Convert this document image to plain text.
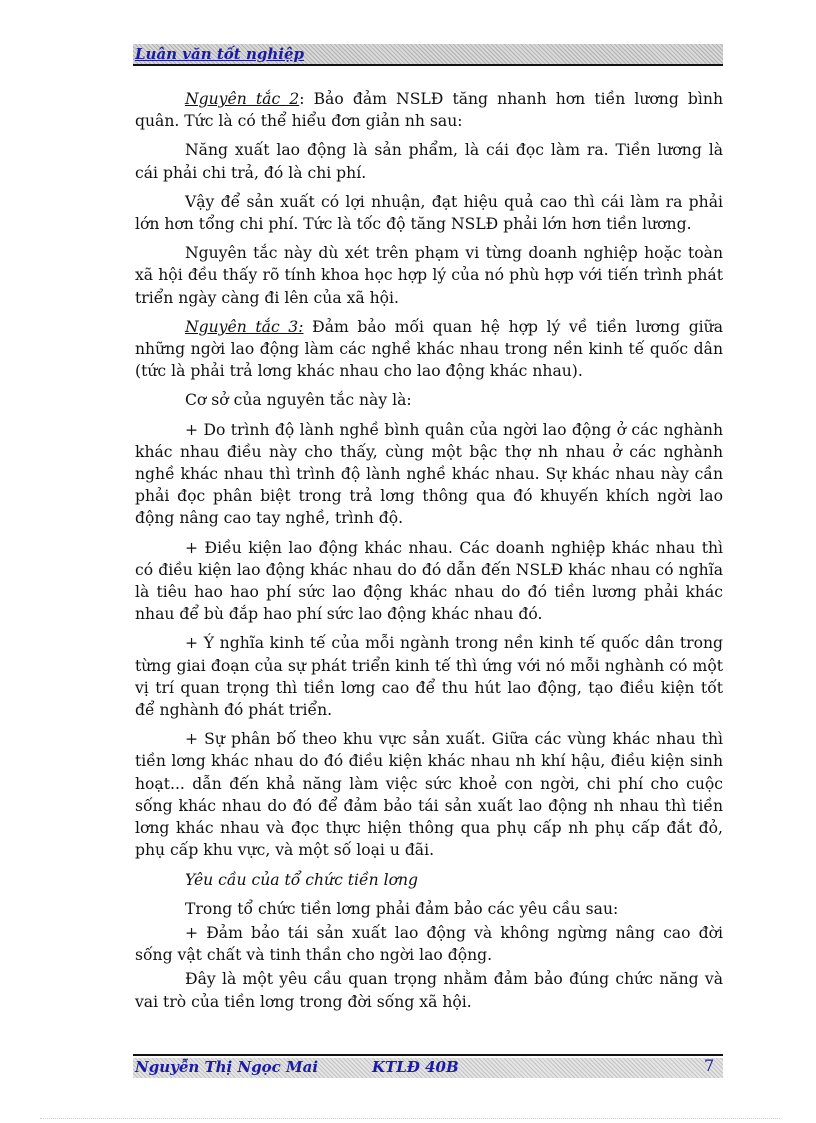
Luân văn tốt nghiệp

Nguyên tắc 2: Bảo đảm NSLĐ tăng nhanh hơn tiền lương bình quân. Tức là có thể hiểu đơn giản nh sau:

Năng xuất lao động là sản phẩm, là cái đọc làm ra. Tiền lương là cái phải chi trả, đó là chi phí.

Vậy để sản xuất có lợi nhuận, đạt hiệu quả cao thì cái làm ra phải lớn hơn tổng chi phí. Tức là tốc độ tăng NSLĐ phải lớn hơn tiền lương.

Nguyên tắc này dù xét trên phạm vi từng doanh nghiệp hoặc toàn xã hội đều thấy rõ tính khoa học hợp lý của nó phù hợp với tiến trình phát triển ngày càng đi lên của xã hội.

Nguyên tắc 3: Đảm bảo mối quan hệ hợp lý về tiền lương giữa những ngời lao động làm các nghề khác nhau trong nền kinh tế quốc dân (tức là phải trả lơng khác nhau cho lao động khác nhau).

Cơ sở của nguyên tắc này là:

+ Do trình độ lành nghề bình quân của ngời lao động ở các nghành khác nhau điều này cho thấy, cùng một bậc thợ nh nhau ở các nghành nghề khác nhau thì trình độ lành nghề khác nhau. Sự khác nhau này cần phải đọc phân biệt trong trả lơng thông qua đó khuyến khích ngời lao động nâng cao tay nghề, trình độ.

+ Điều kiện lao động khác nhau. Các doanh nghiệp khác nhau thì có điều kiện lao động khác nhau do đó dẫn đến NSLĐ khác nhau có nghĩa là tiêu hao hao phí sức lao động khác nhau do đó tiền lương phải khác nhau để bù đắp hao phí sức lao động khác nhau đó.

+ Ý nghĩa kinh tế của mỗi ngành trong nền kinh tế quốc dân trong từng giai đoạn của sự phát triển kinh tế thì ứng với nó mỗi nghành có một vị trí quan trọng thì tiền lơng cao để thu hút lao động, tạo điều kiện tốt để nghành đó phát triển.

+ Sự phân bố theo khu vực sản xuất. Giữa các vùng khác nhau thì tiền lơng khác nhau do đó điều kiện khác nhau nh khí hậu, điều kiện sinh hoạt... dẫn đến khả năng làm việc sức khoẻ con ngời, chi phí cho cuộc sống khác nhau do đó để đảm bảo tái sản xuất lao động nh nhau thì tiền lơng khác nhau và đọc thực hiện thông qua phụ cấp nh phụ cấp đắt đỏ, phụ cấp khu vực, và một số loại u đãi.

Yêu cầu của tổ chức tiền lơng

Trong tổ chức tiền lơng phải đảm bảo các yêu cầu sau:

+ Đảm bảo tái sản xuất lao động và không ngừng nâng cao đời sống vật chất và tinh thần cho ngời lao động.

Đây là một yêu cầu quan trọng nhằm đảm bảo đúng chức năng và vai trò của tiền lơng trong đời sống xã hội.

Nguyễn Thị Ngọc Mai	KTLĐ 40B	7
